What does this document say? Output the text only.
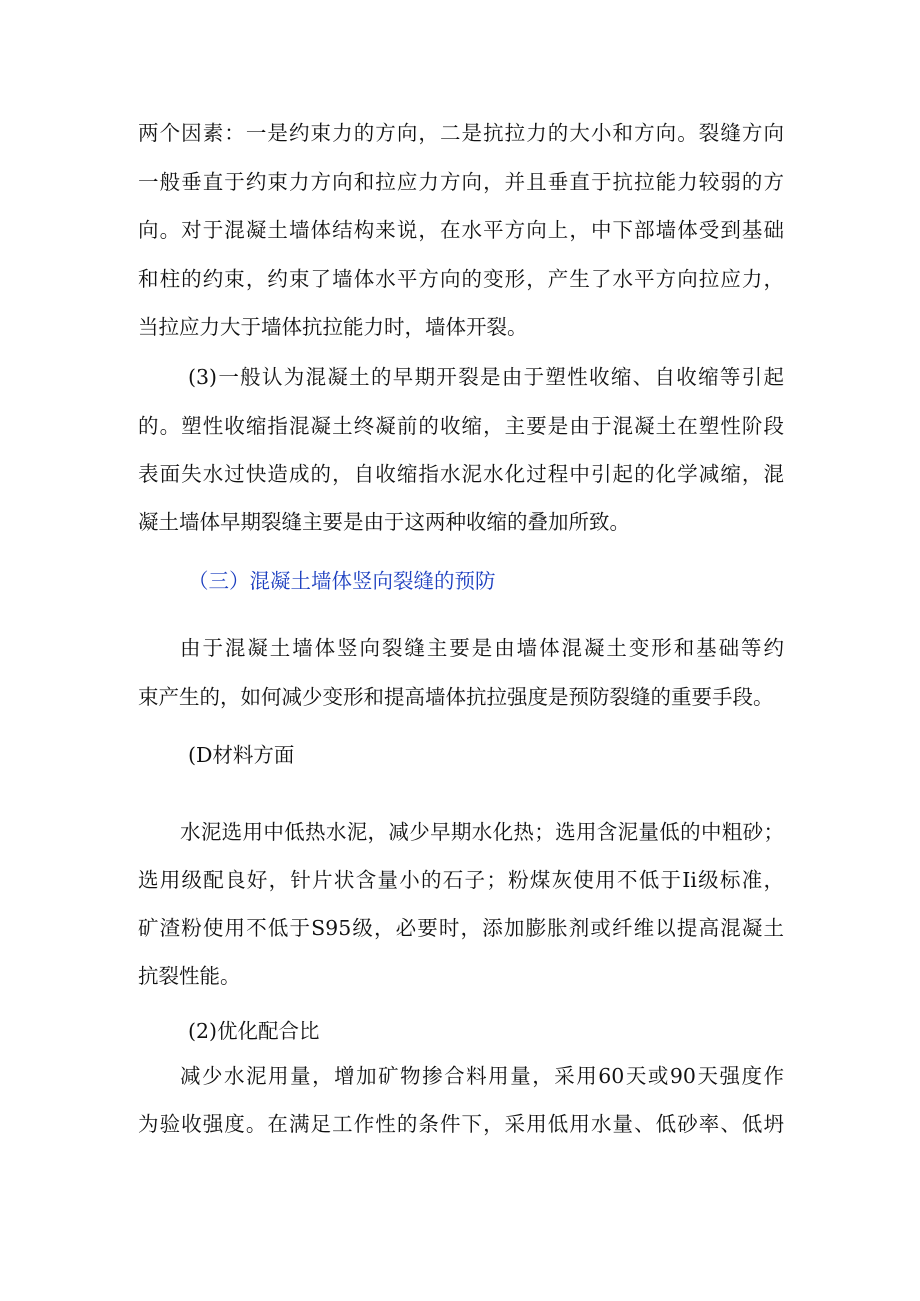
两个因素：一是约束力的方向，二是抗拉力的大小和方向。裂缝方向
一般垂直于约束力方向和拉应力方向，并且垂直于抗拉能力较弱的方
向。对于混凝土墙体结构来说，在水平方向上，中下部墙体受到基础
和柱的约束，约束了墙体水平方向的变形，产生了水平方向拉应力，
当拉应力大于墙体抗拉能力时，墙体开裂。
(3)一般认为混凝土的早期开裂是由于塑性收缩、自收缩等引起
的。塑性收缩指混凝土终凝前的收缩，主要是由于混凝土在塑性阶段
表面失水过快造成的，自收缩指水泥水化过程中引起的化学减缩，混
凝土墙体早期裂缝主要是由于这两种收缩的叠加所致。
（三）混凝土墙体竖向裂缝的预防
由于混凝土墙体竖向裂缝主要是由墙体混凝土变形和基础等约
束产生的，如何减少变形和提高墙体抗拉强度是预防裂缝的重要手段。
(D材料方面
水泥选用中低热水泥，减少早期水化热；选用含泥量低的中粗砂；
选用级配良好，针片状含量小的石子；粉煤灰使用不低于Ii级标准，
矿渣粉使用不低于S95级，必要时，添加膨胀剂或纤维以提高混凝土
抗裂性能。
(2)优化配合比
减少水泥用量，增加矿物掺合料用量，采用60天或90天强度作
为验收强度。在满足工作性的条件下，采用低用水量、低砂率、低坍
